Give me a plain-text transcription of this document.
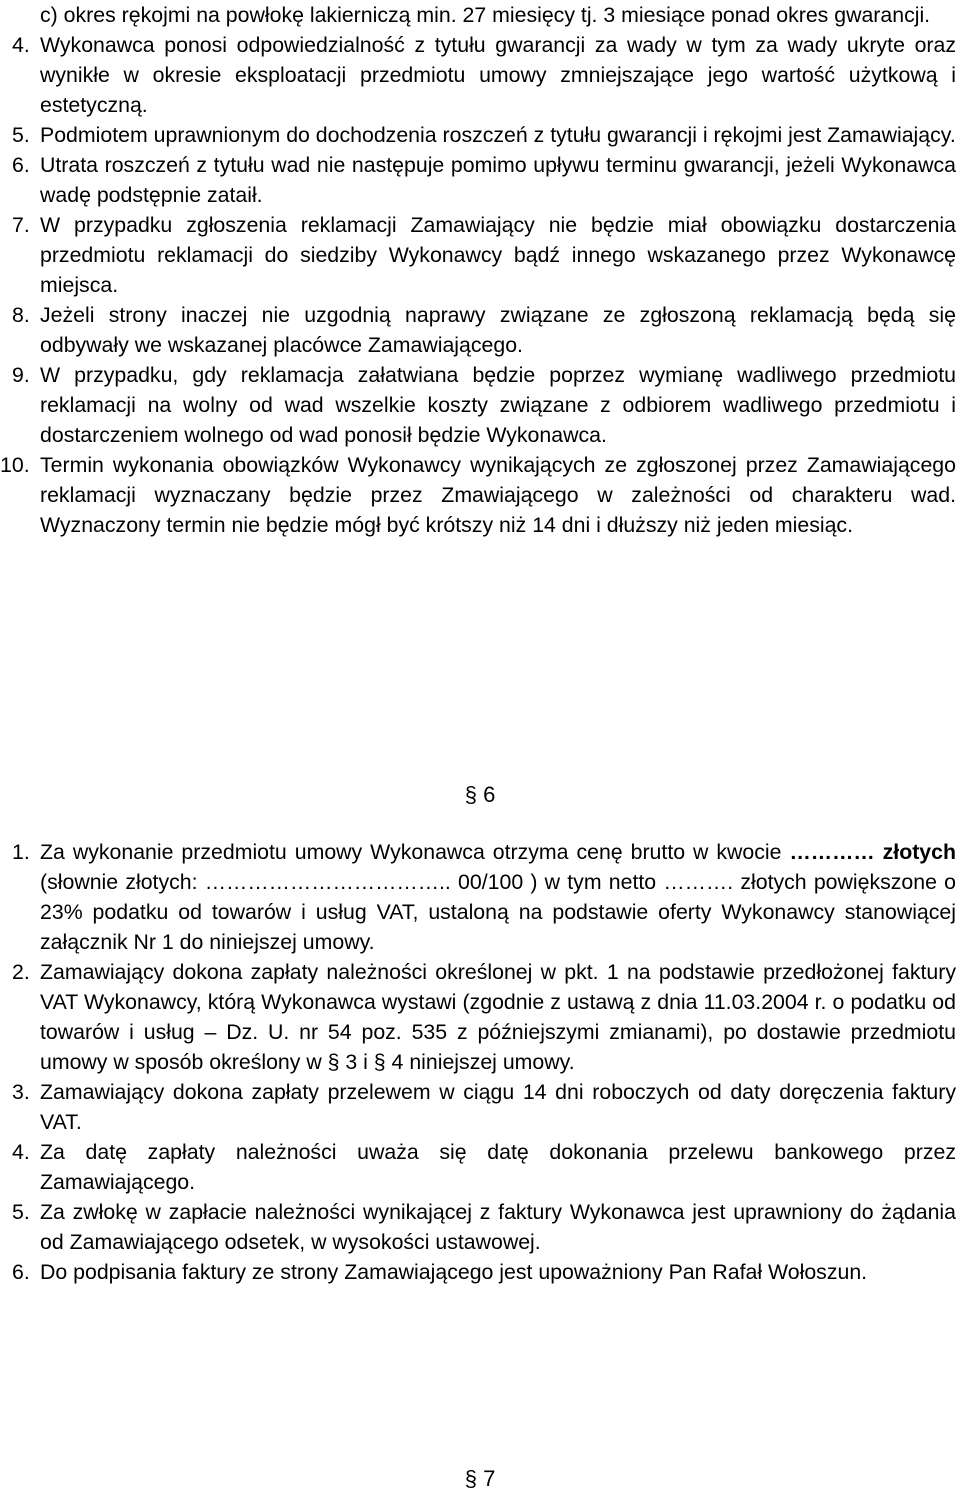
c) okres rękojmi na powłokę lakierniczą min. 27 miesięcy tj. 3 miesiące ponad okres gwarancji.
4. Wykonawca ponosi odpowiedzialność z tytułu gwarancji za wady w tym za wady ukryte oraz wynikłe w okresie eksploatacji przedmiotu umowy zmniejszające jego wartość użytkową i estetyczną.
5. Podmiotem uprawnionym do dochodzenia roszczeń z tytułu gwarancji i rękojmi jest Zamawiający.
6. Utrata roszczeń z tytułu wad nie następuje pomimo upływu terminu gwarancji, jeżeli Wykonawca wadę podstępnie zataił.
7. W przypadku zgłoszenia reklamacji Zamawiający nie będzie miał obowiązku dostarczenia przedmiotu reklamacji do siedziby Wykonawcy bądź innego wskazanego przez Wykonawcę miejsca.
8. Jeżeli strony inaczej nie uzgodnią naprawy związane ze zgłoszoną reklamacją będą się odbywały we wskazanej placówce Zamawiającego.
9. W przypadku, gdy reklamacja załatwiana będzie poprzez wymianę wadliwego przedmiotu reklamacji na wolny od wad wszelkie koszty związane z odbiorem wadliwego przedmiotu i dostarczeniem wolnego od wad ponosił będzie Wykonawca.
10. Termin wykonania obowiązków Wykonawcy wynikających ze zgłoszonej przez Zamawiającego reklamacji wyznaczany będzie przez Zmawiającego w zależności od charakteru wad. Wyznaczony termin nie będzie mógł być krótszy niż 14 dni i dłuższy niż jeden miesiąc.
§ 6
1. Za wykonanie przedmiotu umowy Wykonawca otrzyma cenę brutto w kwocie ………… złotych (słownie złotych: …………………………….. 00/100 ) w tym netto ………. złotych powiększone o 23% podatku od towarów i usług VAT, ustaloną na podstawie oferty Wykonawcy stanowiącej załącznik Nr 1 do niniejszej umowy.
2. Zamawiający dokona zapłaty należności określonej w pkt. 1 na podstawie przedłożonej faktury VAT Wykonawcy, którą Wykonawca wystawi (zgodnie z ustawą z dnia 11.03.2004 r. o podatku od towarów i usług – Dz. U. nr 54 poz. 535 z późniejszymi zmianami), po dostawie przedmiotu umowy w sposób określony w § 3 i § 4 niniejszej umowy.
3. Zamawiający dokona zapłaty przelewem w ciągu 14 dni roboczych od daty doręczenia faktury VAT.
4. Za datę zapłaty należności uważa się datę dokonania przelewu bankowego przez Zamawiającego.
5. Za zwłokę w zapłacie należności wynikającej z faktury Wykonawca jest uprawniony do żądania od Zamawiającego odsetek, w wysokości ustawowej.
6. Do podpisania faktury ze strony Zamawiającego jest upoważniony Pan Rafał Wołoszun.
§ 7
